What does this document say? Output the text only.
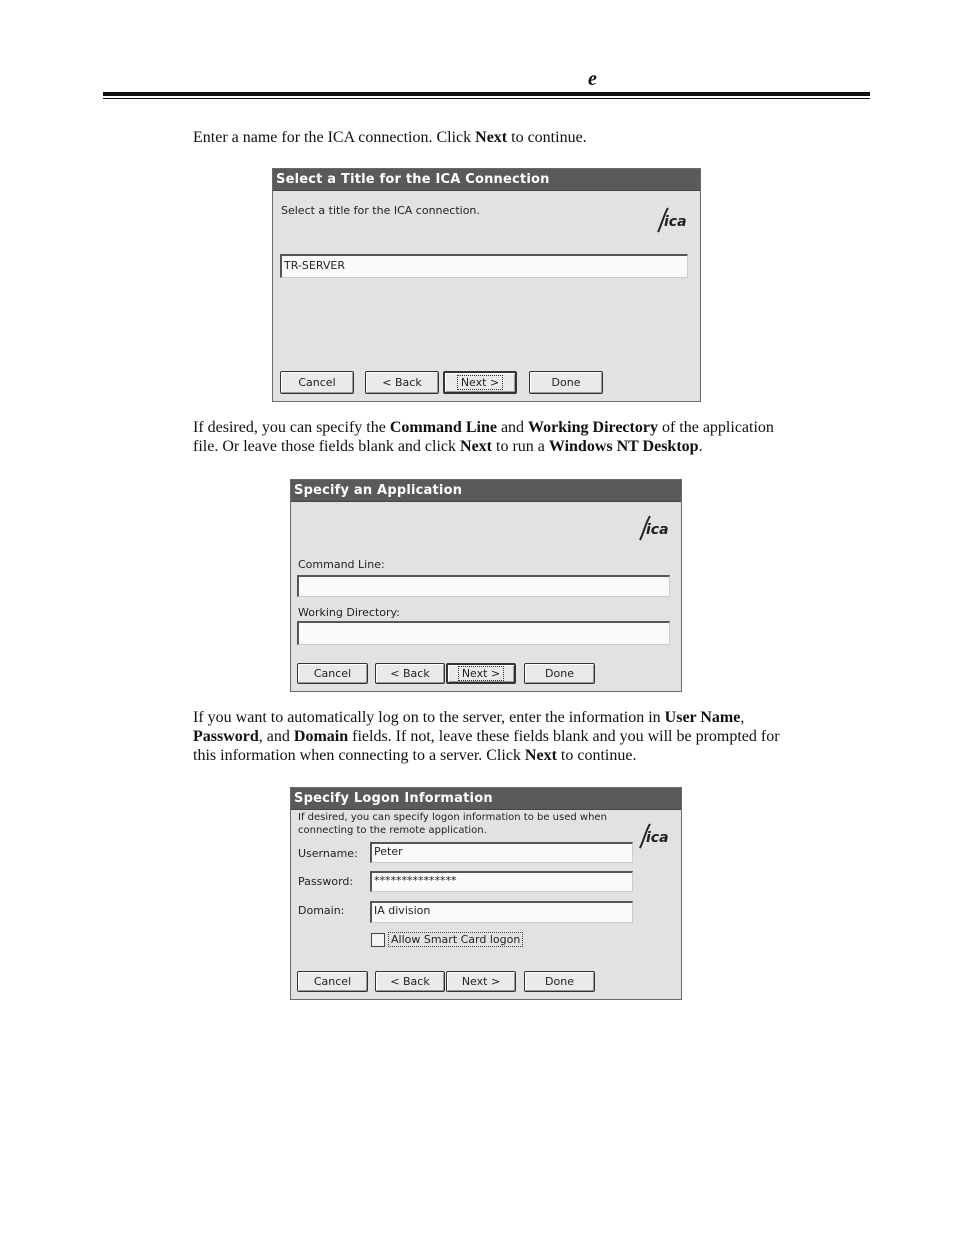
e
Enter a name for the ICA connection. Click Next to continue.
Select a Title for the ICA Connection
Select a title for the ICA connection.
ica
TR-SERVER
Cancel	< Back	Next >	Done
If desired, you can specify the Command Line and Working Directory of the application file. Or leave those fields blank and click Next to run a Windows NT Desktop.
Specify an Application
ica
Command Line:
Working Directory:
Cancel	< Back	Next >	Done
If you want to automatically log on to the server, enter the information in User Name, Password, and Domain fields. If not, leave these fields blank and you will be prompted for this information when connecting to a server. Click Next to continue.
Specify Logon Information
If desired, you can specify logon information to be used when
connecting to the remote application.	ica
Username:	Peter
Password:	***************
Domain:	IA division
Allow Smart Card logon
Cancel	< Back	Next >	Done
